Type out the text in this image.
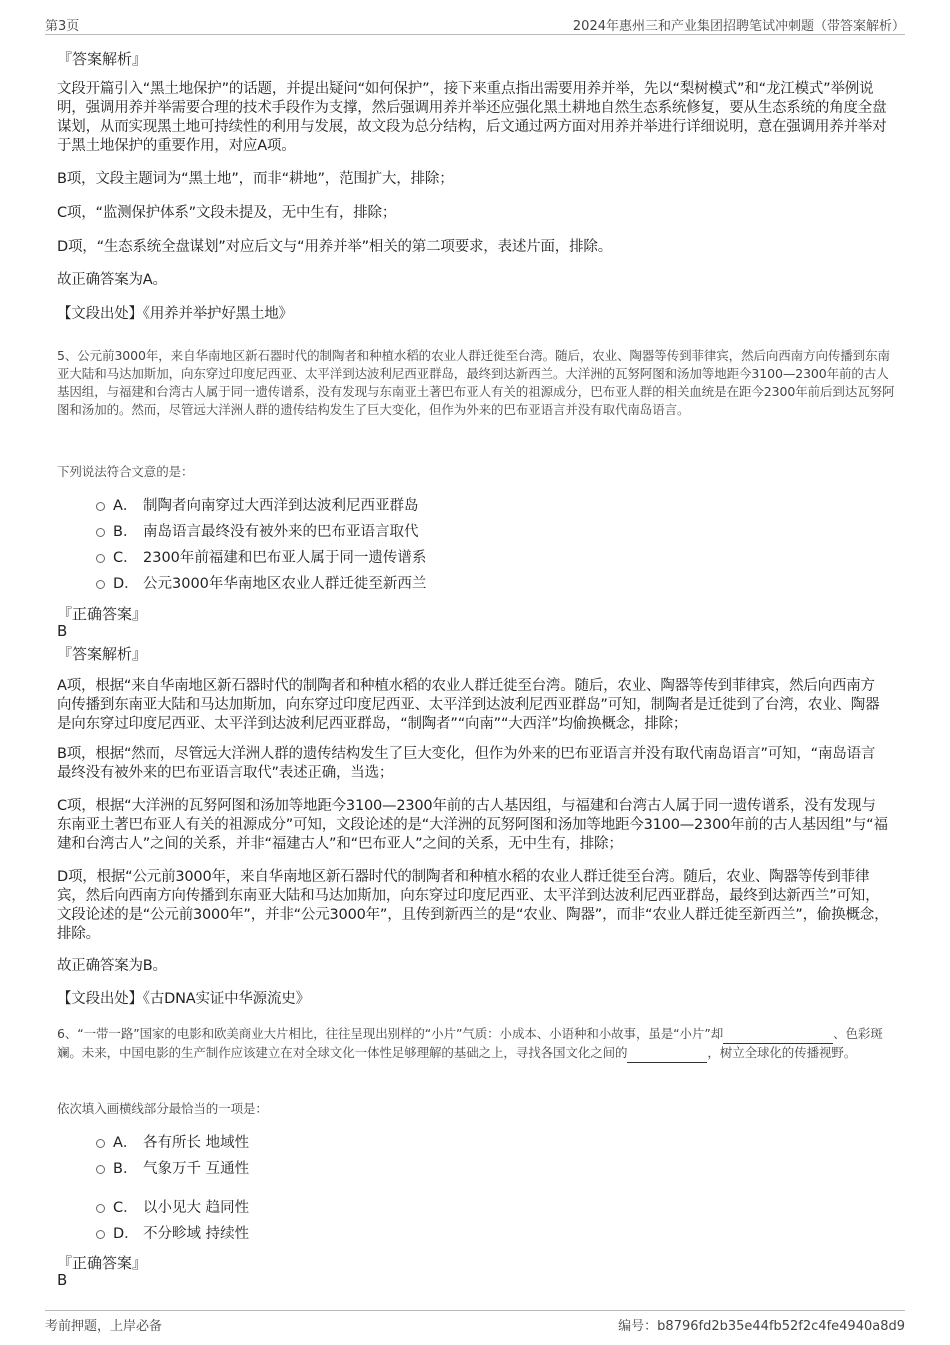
第3页	2024年惠州三和产业集团招聘笔试冲刺题（带答案解析）
『答案解析』
文段开篇引入“黑土地保护”的话题，并提出疑问“如何保护”，接下来重点指出需要用养并举，先以“梨树模式”和“龙江模式”举例说明，强调用养并举需要合理的技术手段作为支撑，然后强调用养并举还应强化黑土耕地自然生态系统修复，要从生态系统的角度全盘谋划，从而实现黑土地可持续性的利用与发展，故文段为总分结构，后文通过两方面对用养并举进行详细说明，意在强调用养并举对于黑土地保护的重要作用，对应A项。
B项，文段主题词为“黑土地”，而非“耕地”，范围扩大，排除；
C项，“监测保护体系”文段未提及，无中生有，排除；
D项，“生态系统全盘谋划”对应后文与“用养并举”相关的第二项要求，表述片面，排除。
故正确答案为A。
【文段出处】《用养并举护好黑土地》
5、公元前3000年，来自华南地区新石器时代的制陶者和种植水稻的农业人群迁徙至台湾。随后，农业、陶器等传到菲律宾，然后向西南方向传播到东南亚大陆和马达加斯加，向东穿过印度尼西亚、太平洋到达波利尼西亚群岛，最终到达新西兰。大洋洲的瓦努阿图和汤加等地距今3100—2300年前的古人基因组，与福建和台湾古人属于同一遗传谱系，没有发现与东南亚土著巴布亚人有关的祖源成分，巴布亚人群的相关血统是在距今2300年前后到达瓦努阿图和汤加的。然而，尽管远大洋洲人群的遗传结构发生了巨大变化，但作为外来的巴布亚语言并没有取代南岛语言。
下列说法符合文意的是：
A． 制陶者向南穿过大西洋到达波利尼西亚群岛
B． 南岛语言最终没有被外来的巴布亚语言取代
C． 2300年前福建和巴布亚人属于同一遗传谱系
D． 公元3000年华南地区农业人群迁徙至新西兰
『正确答案』
B
『答案解析』
A项，根据“来自华南地区新石器时代的制陶者和种植水稻的农业人群迁徙至台湾。随后，农业、陶器等传到菲律宾，然后向西南方向传播到东南亚大陆和马达加斯加，向东穿过印度尼西亚、太平洋到达波利尼西亚群岛”可知，制陶者是迁徙到了台湾，农业、陶器是向东穿过印度尼西亚、太平洋到达波利尼西亚群岛，“制陶者”“向南”“大西洋”均偷换概念，排除；
B项，根据“然而，尽管远大洋洲人群的遗传结构发生了巨大变化，但作为外来的巴布亚语言并没有取代南岛语言”可知，“南岛语言最终没有被外来的巴布亚语言取代”表述正确，当选；
C项，根据“大洋洲的瓦努阿图和汤加等地距今3100—2300年前的古人基因组，与福建和台湾古人属于同一遗传谱系，没有发现与东南亚土著巴布亚人有关的祖源成分”可知，文段论述的是“大洋洲的瓦努阿图和汤加等地距今3100—2300年前的古人基因组”与“福建和台湾古人”之间的关系，并非“福建古人”和“巴布亚人”之间的关系，无中生有，排除；
D项，根据“公元前3000年，来自华南地区新石器时代的制陶者和种植水稻的农业人群迁徙至台湾。随后，农业、陶器等传到菲律宾，然后向西南方向传播到东南亚大陆和马达加斯加，向东穿过印度尼西亚、太平洋到达波利尼西亚群岛，最终到达新西兰”可知，文段论述的是“公元前3000年”，并非“公元3000年”，且传到新西兰的是“农业、陶器”，而非“农业人群迁徙至新西兰”，偷换概念，排除。
故正确答案为B。
【文段出处】《古DNA实证中华源流史》
6、“一带一路”国家的电影和欧美商业大片相比，往往呈现出别样的“小片”气质：小成本、小语种和小故事，虽是“小片”却	、色彩斑斓。未来，中国电影的生产制作应该建立在对全球文化一体性足够理解的基础之上，寻找各国文化之间的	，树立全球化的传播视野。
依次填入画横线部分最恰当的一项是：
A． 各有所长 地域性
B． 气象万千 互通性
C． 以小见大 趋同性
D． 不分畛域 持续性
『正确答案』
B
考前押题，上岸必备	编号：b8796fd2b35e44fb52f2c4fe4940a8d9
